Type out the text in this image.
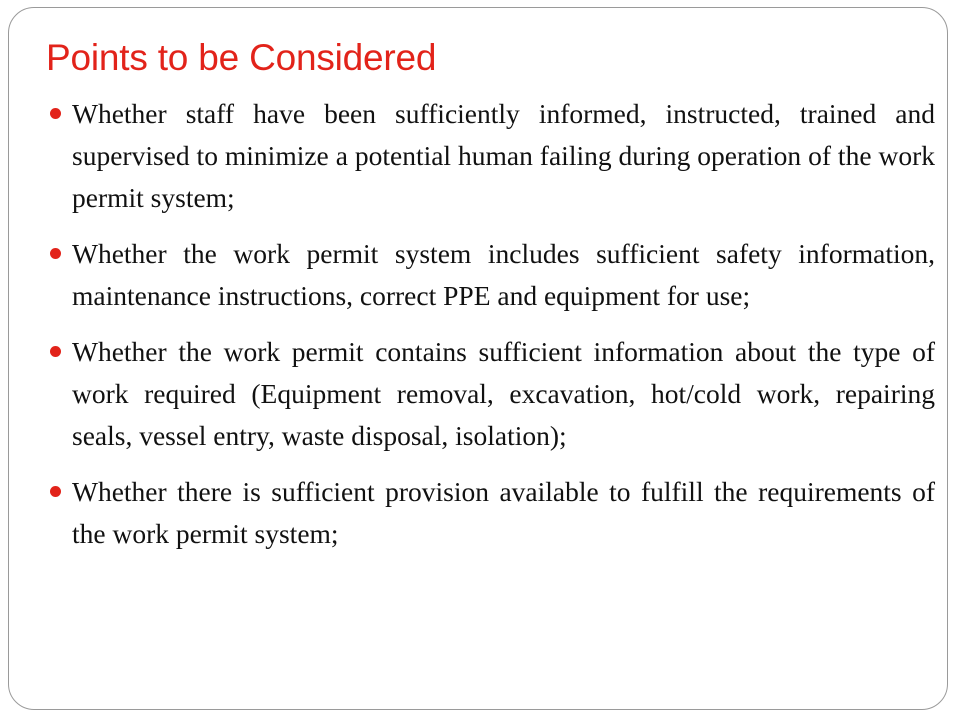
Points to be Considered
Whether staff have been sufficiently informed, instructed, trained and supervised to minimize a potential human failing during operation of the work permit system;
Whether the work permit system includes sufficient safety information, maintenance instructions, correct PPE and equipment for use;
Whether the work permit contains sufficient information about the type of work required (Equipment removal, excavation, hot/cold work, repairing seals, vessel entry, waste disposal, isolation);
Whether there is sufficient provision available to fulfill the requirements of the work permit system;
